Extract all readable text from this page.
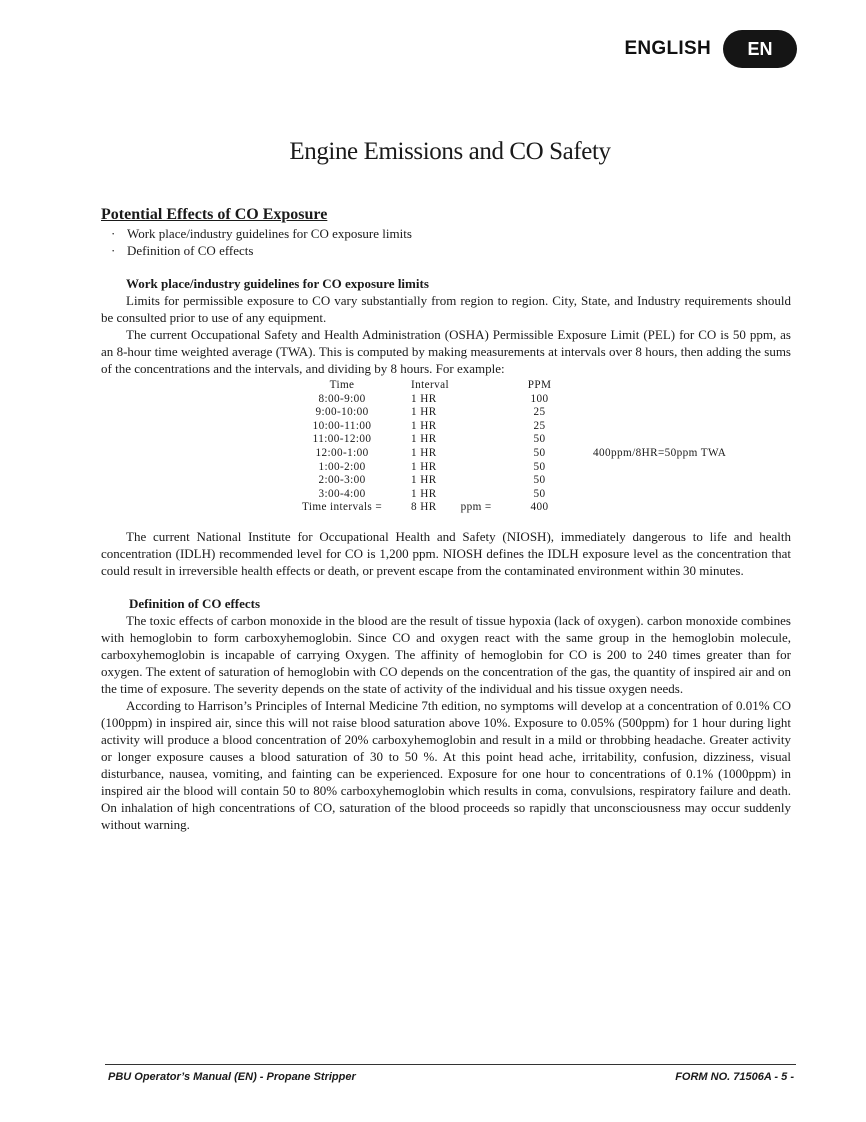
ENGLISH	EN
Engine Emissions and CO Safety
Potential Effects of CO Exposure
· Work place/industry guidelines for CO exposure limits
· Definition of CO effects
Work place/industry guidelines for CO exposure limits

Limits for permissible exposure to CO vary substantially from region to region. City, State, and Industry requirements should be consulted prior to use of any equipment.

The current Occupational Safety and Health Administration (OSHA) Permissible Exposure Limit (PEL) for CO is 50 ppm, as an 8-hour time weighted average (TWA). This is computed by making measurements at intervals over 8 hours, then adding the sums of the concentrations and the intervals, and dividing by 8 hours. For example:

The current National Institute for Occupational Health and Safety (NIOSH), immediately dangerous to life and health concentration (IDLH) recommended level for CO is 1,200 ppm. NIOSH defines the IDLH exposure level as the concentration that could result in irreversible health effects or death, or prevent escape from the contaminated environment within 30 minutes.

Definition of CO effects

The toxic effects of carbon monoxide in the blood are the result of tissue hypoxia (lack of oxygen). carbon monoxide combines with hemoglobin to form carboxyhemoglobin. Since CO and oxygen react with the same group in the hemoglobin molecule, carboxyhemoglobin is incapable of carrying Oxygen. The affinity of hemoglobin for CO is 200 to 240 times greater than for oxygen. The extent of saturation of hemoglobin with CO depends on the concentration of the gas, the quantity of inspired air and on the time of exposure. The severity depends on the state of activity of the individual and his tissue oxygen needs.

According to Harrison’s Principles of Internal Medicine 7th edition, no symptoms will develop at a concentration of 0.01% CO (100ppm) in inspired air, since this will not raise blood saturation above 10%. Exposure to 0.05% (500ppm) for 1 hour during light activity will produce a blood concentration of 20% carboxyhemoglobin and result in a mild or throbbing headache. Greater activity or longer exposure causes a blood saturation of 30 to 50 %. At this point head ache, irritability, confusion, dizziness, visual disturbance, nausea, vomiting, and fainting can be experienced. Exposure for one hour to concentrations of 0.1% (1000ppm) in inspired air the blood will contain 50 to 80% carboxyhemoglobin which results in coma, convulsions, respiratory failure and death. On inhalation of high concentrations of CO, saturation of the blood proceeds so rapidly that unconsciousness may occur suddenly without warning.

Time	Interval	PPM	
8:00-9:00	1 HR	100	
9:00-10:00	1 HR	25	
10:00-11:00	1 HR	25	
11:00-12:00	1 HR	50	
12:00-1:00	1 HR	50	400ppm/8HR=50ppm TWA
1:00-2:00	1 HR	50	
2:00-3:00	1 HR	50	
3:00-4:00	1 HR	50	
Time intervals =	8 HR ppm =	400	
PBU Operator’s Manual (EN) - Propane Stripper	FORM NO. 71506A - 5 -
